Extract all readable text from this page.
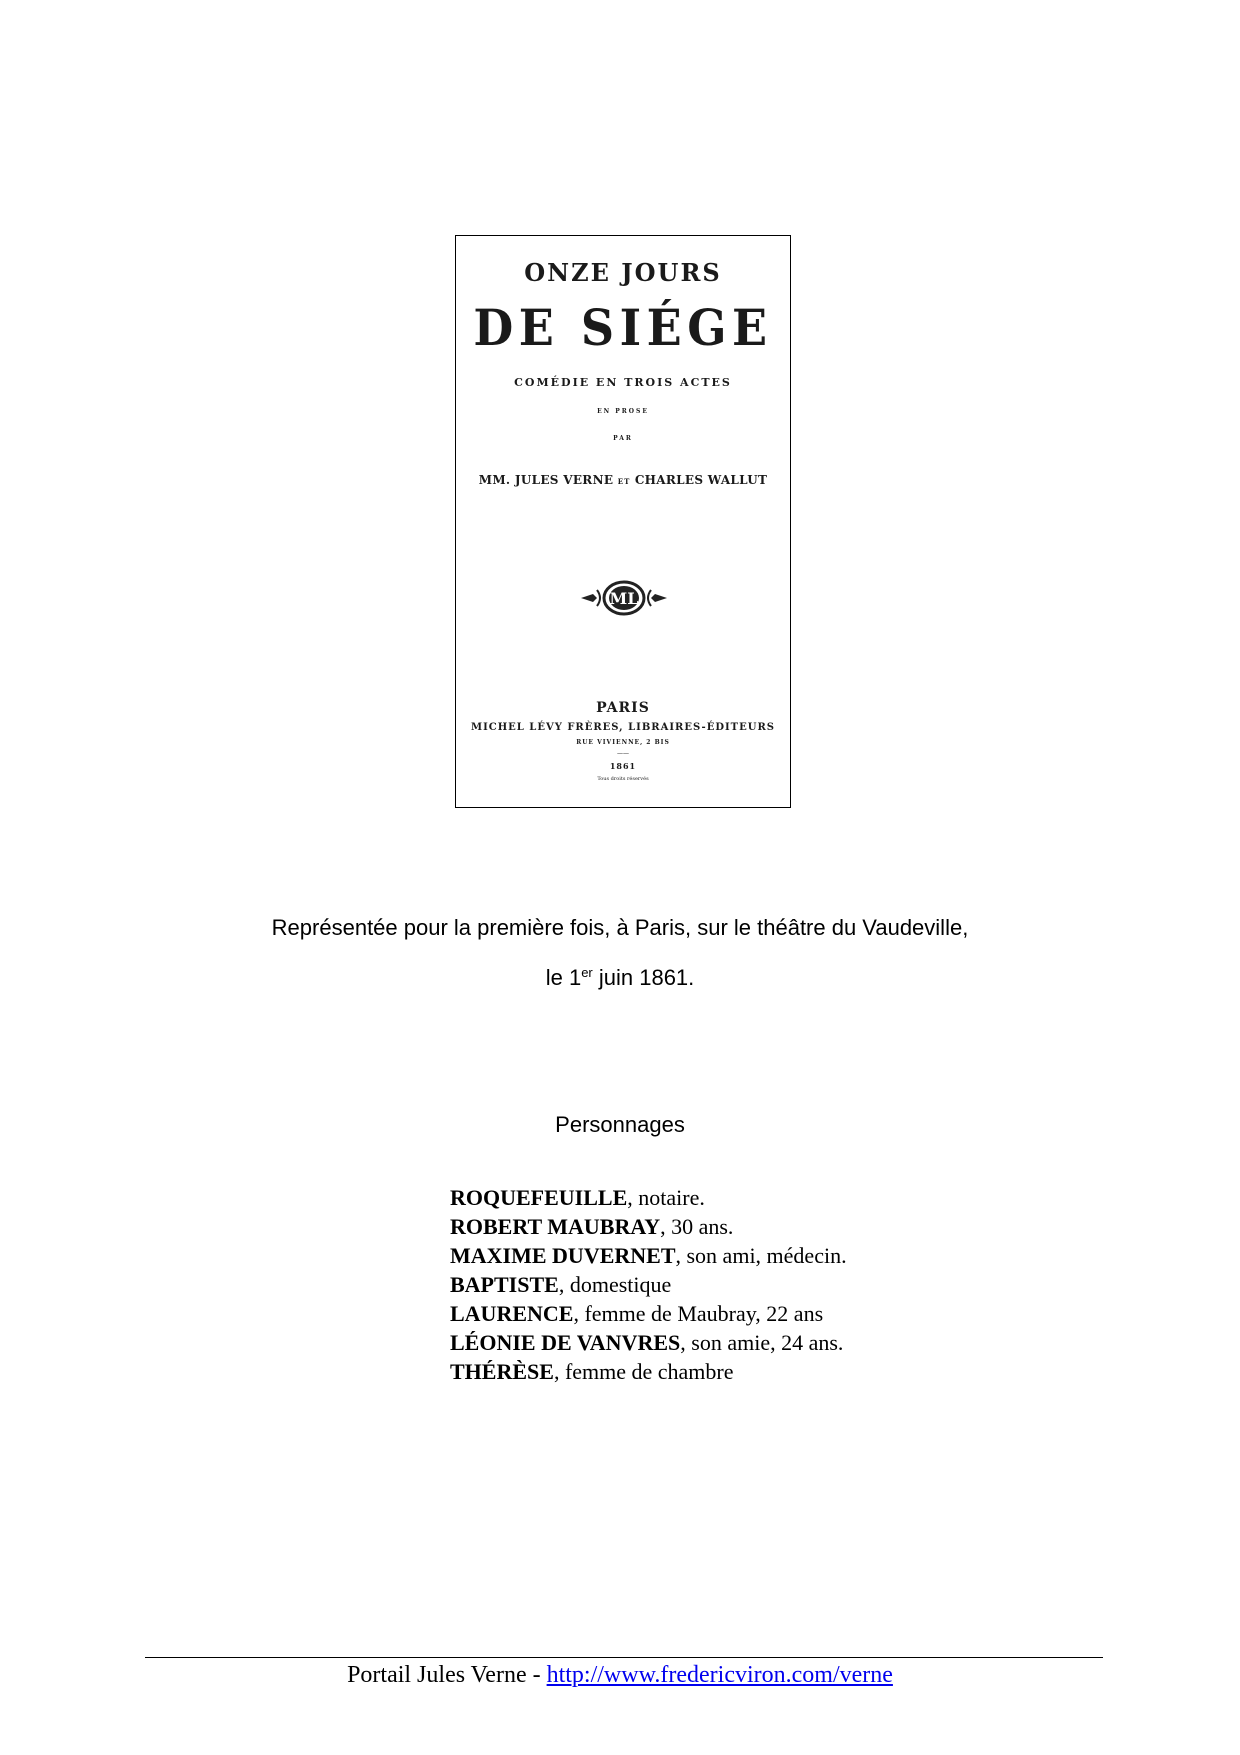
ONZE JOURS
DE SIÉGE
COMÉDIE EN TROIS ACTES
EN PROSE
PAR
MM. JULES VERNE ET CHARLES WALLUT
ML
PARIS
MICHEL LÉVY FRÈRES, LIBRAIRES-ÉDITEURS
RUE VIVIENNE, 2 BIS
——
1861
Tous droits réservés
Représentée pour la première fois, à Paris, sur le théâtre du Vaudeville,
le 1er juin 1861.
Personnages
ROQUEFEUILLE, notaire.
ROBERT MAUBRAY, 30 ans.
MAXIME DUVERNET, son ami, médecin.
BAPTISTE, domestique
LAURENCE, femme de Maubray, 22 ans
LÉONIE DE VANVRES, son amie, 24 ans.
THÉRÈSE, femme de chambre
Portail Jules Verne - http://www.fredericviron.com/verne
